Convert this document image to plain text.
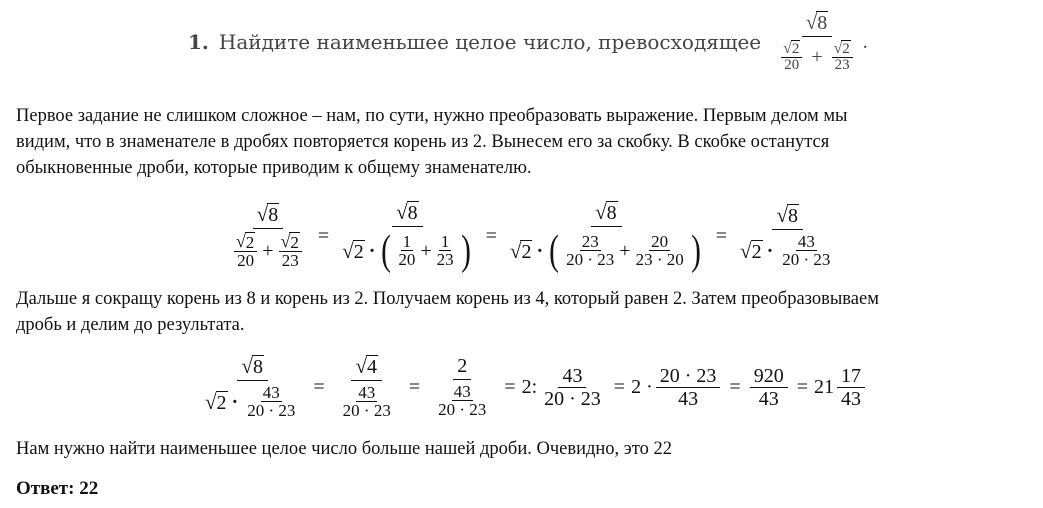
1. Найдите наименьшее целое число, превосходящее
√ 8
$\frac{√ 2}{20} + \frac{√ 2}{23}$ .
Первое задание не слишком сложное – нам, по сути, нужно преобразовать выражение. Первым делом мы
видим, что в знаменателе в дробях повторяется корень из 2. Вынесем его за скобку. В скобке останутся
обыкновенные дроби, которые приводим к общему знаменателю.
$\frac{√ 8}{\frac{√ 2}{20} + \frac{√ 2}{23}}$ =
√ 8
√ 2 · ( $\frac{1}{20} + \frac{1}{23}$ ) =
√ 8
√ 2 · ( $\frac{23}{20 \cdot 23} + \frac{20}{23 \cdot 20}$ ) = $\frac{√ 8}{√ 2 \cdot \frac{43}{20 \cdot 23}}$
Дальше я сокращу корень из 8 и корень из 2. Получаем корень из 4, который равен 2. Затем преобразовываем
дробь и делим до результата.
$\frac{√ 8}{√ 2 \cdot \frac{43}{20 \cdot 23}} = \frac{√ 4}{\frac{43}{20 \cdot 23}} = \frac{2}{\frac{43}{20 \cdot 23}} = 2$: $\frac{43}{20 \cdot 23} = 2 \cdot \frac{20 \cdot 23}{43} = \frac{920}{43} = 21 \frac{17}{43}$
Нам нужно найти наименьшее целое число больше нашей дроби. Очевидно, это 22
Ответ: 22
